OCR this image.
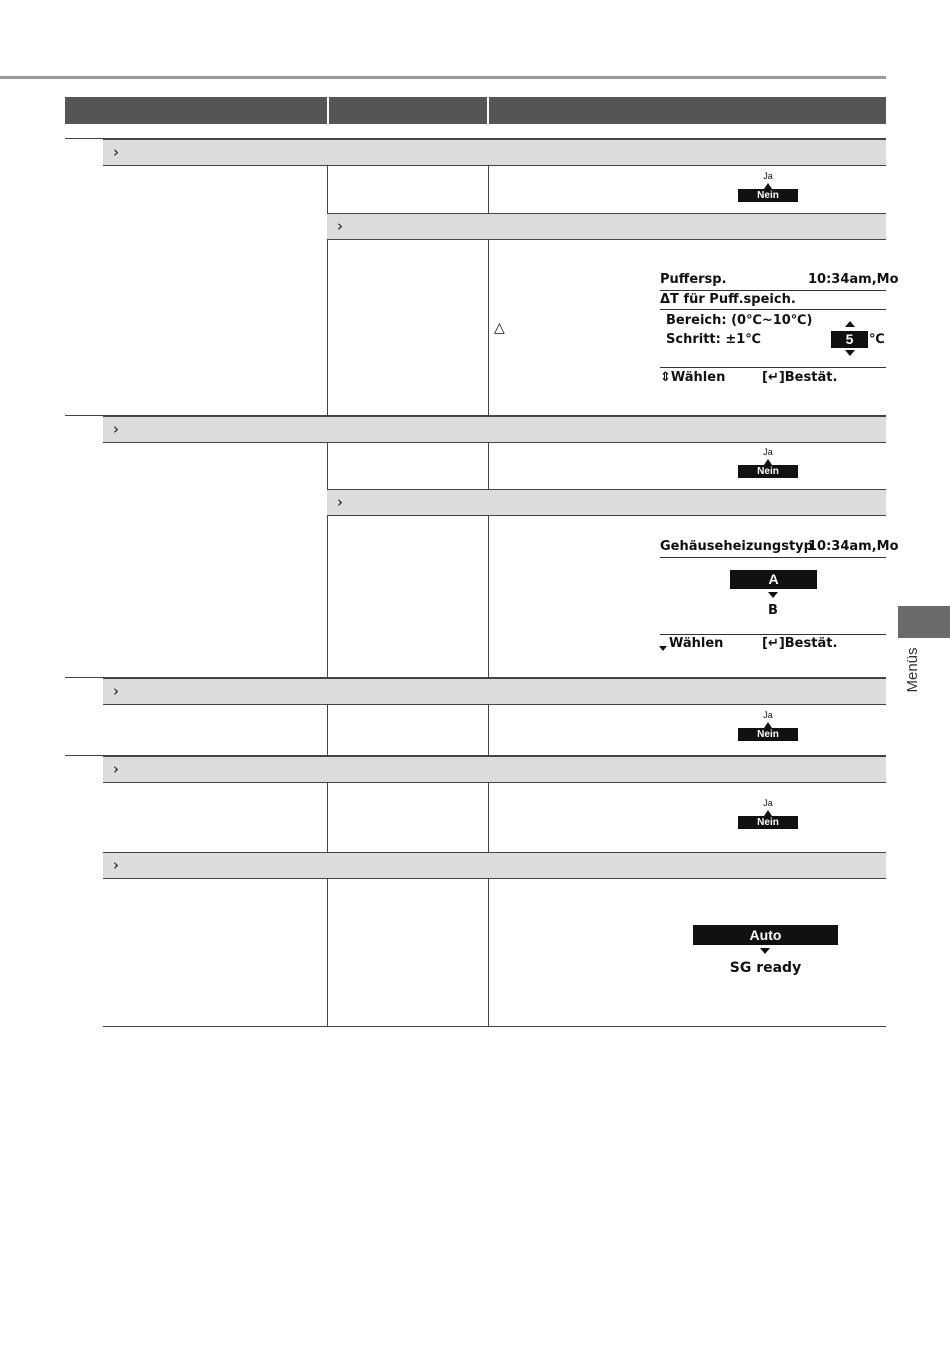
›
Ja
Nein
›
△
Puffersp.	10:34am,Mo
ΔT für Puff.speich.
Bereich: (0℃~10℃)
Schritt: ±1℃	5	℃
⇕Wählen	[↵]Bestät.
›
Ja
Nein
›
Gehäuseheizungstyp
10:34am,Mo
A
B
Wählen	[↵]Bestät.
›
Ja
Nein
›
Ja
Nein
›
Auto
SG ready
Menüs
